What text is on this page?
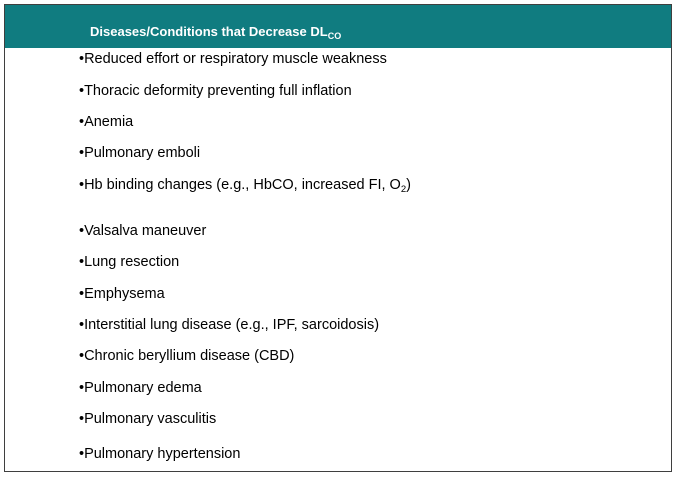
Diseases/Conditions that Decrease $DL_{CO}$
•Reduced effort or respiratory muscle weakness
•Thoracic deformity preventing full inflation
•Anemia
•Pulmonary emboli
•Hb binding changes (e.g., HbCO, increased FI, $O_2$)
•Valsalva maneuver
•Lung resection
•Emphysema
•Interstitial lung disease (e.g., IPF, sarcoidosis)
•Chronic beryllium disease (CBD)
•Pulmonary edema
•Pulmonary vasculitis
•Pulmonary hypertension
